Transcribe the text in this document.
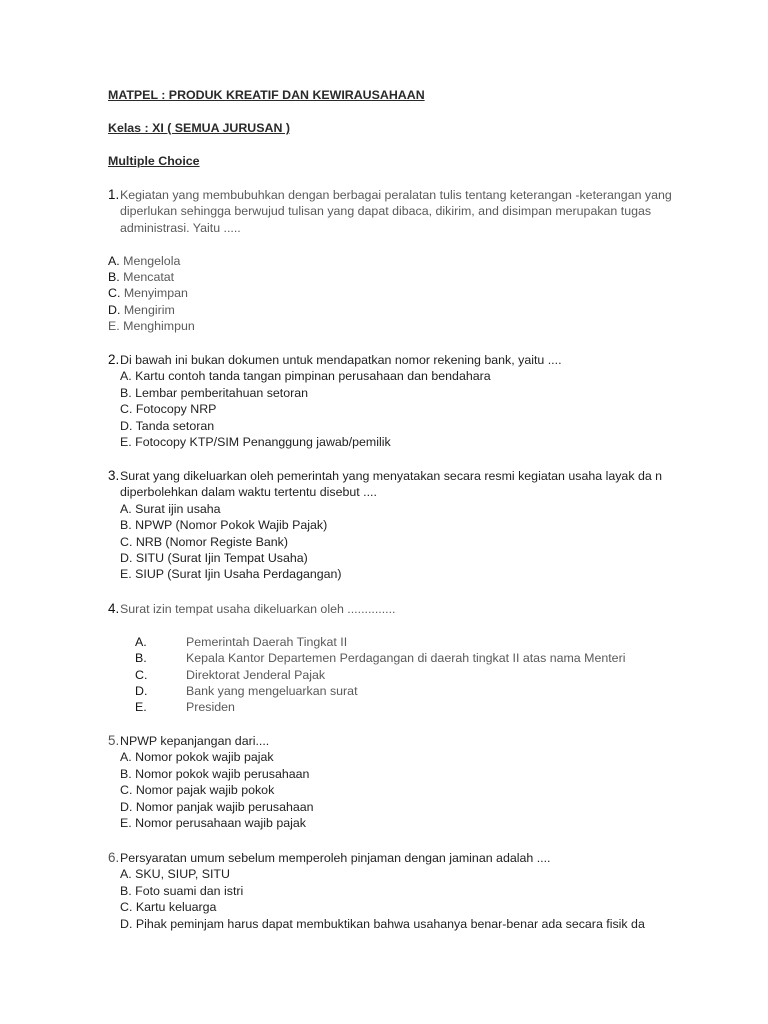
MATPEL : PRODUK KREATIF DAN KEWIRAUSAHAAN
Kelas : XI ( SEMUA JURUSAN )
Multiple Choice
1. Kegiatan yang membubuhkan dengan berbagai peralatan tulis tentang keterangan -keterangan yang diperlukan sehingga berwujud tulisan yang dapat dibaca, dikirim, and disimpan merupakan tugas administrasi. Yaitu .....
A. Mengelola
B. Mencatat
C. Menyimpan
D. Mengirim
E. Menghimpun
2. Di bawah ini bukan dokumen untuk mendapatkan nomor rekening bank, yaitu ....
A. Kartu contoh tanda tangan pimpinan perusahaan dan bendahara
B. Lembar pemberitahuan setoran
C. Fotocopy NRP
D. Tanda setoran
E. Fotocopy KTP/SIM Penanggung jawab/pemilik
3. Surat yang dikeluarkan oleh pemerintah yang menyatakan secara resmi kegiatan usaha layak da n diperbolehkan dalam waktu tertentu disebut ....
A. Surat ijin usaha
B. NPWP (Nomor Pokok Wajib Pajak)
C. NRB (Nomor Registe Bank)
D. SITU (Surat Ijin Tempat Usaha)
E. SIUP (Surat Ijin Usaha Perdagangan)
4. Surat izin tempat usaha dikeluarkan oleh ..............
A.	Pemerintah Daerah Tingkat II
B.	Kepala Kantor Departemen Perdagangan di daerah tingkat II atas nama Menteri
C.	Direktorat Jenderal Pajak
D.	Bank yang mengeluarkan surat
E.	Presiden
5. NPWP kepanjangan dari....
A. Nomor pokok wajib pajak
B. Nomor pokok wajib perusahaan
C. Nomor pajak wajib pokok
D. Nomor panjak wajib perusahaan
E. Nomor perusahaan wajib pajak
6. Persyaratan umum sebelum memperoleh pinjaman dengan jaminan adalah ....
A. SKU, SIUP, SITU
B. Foto suami dan istri
C. Kartu keluarga
D. Pihak peminjam harus dapat membuktikan bahwa usahanya benar-benar ada secara fisik da
